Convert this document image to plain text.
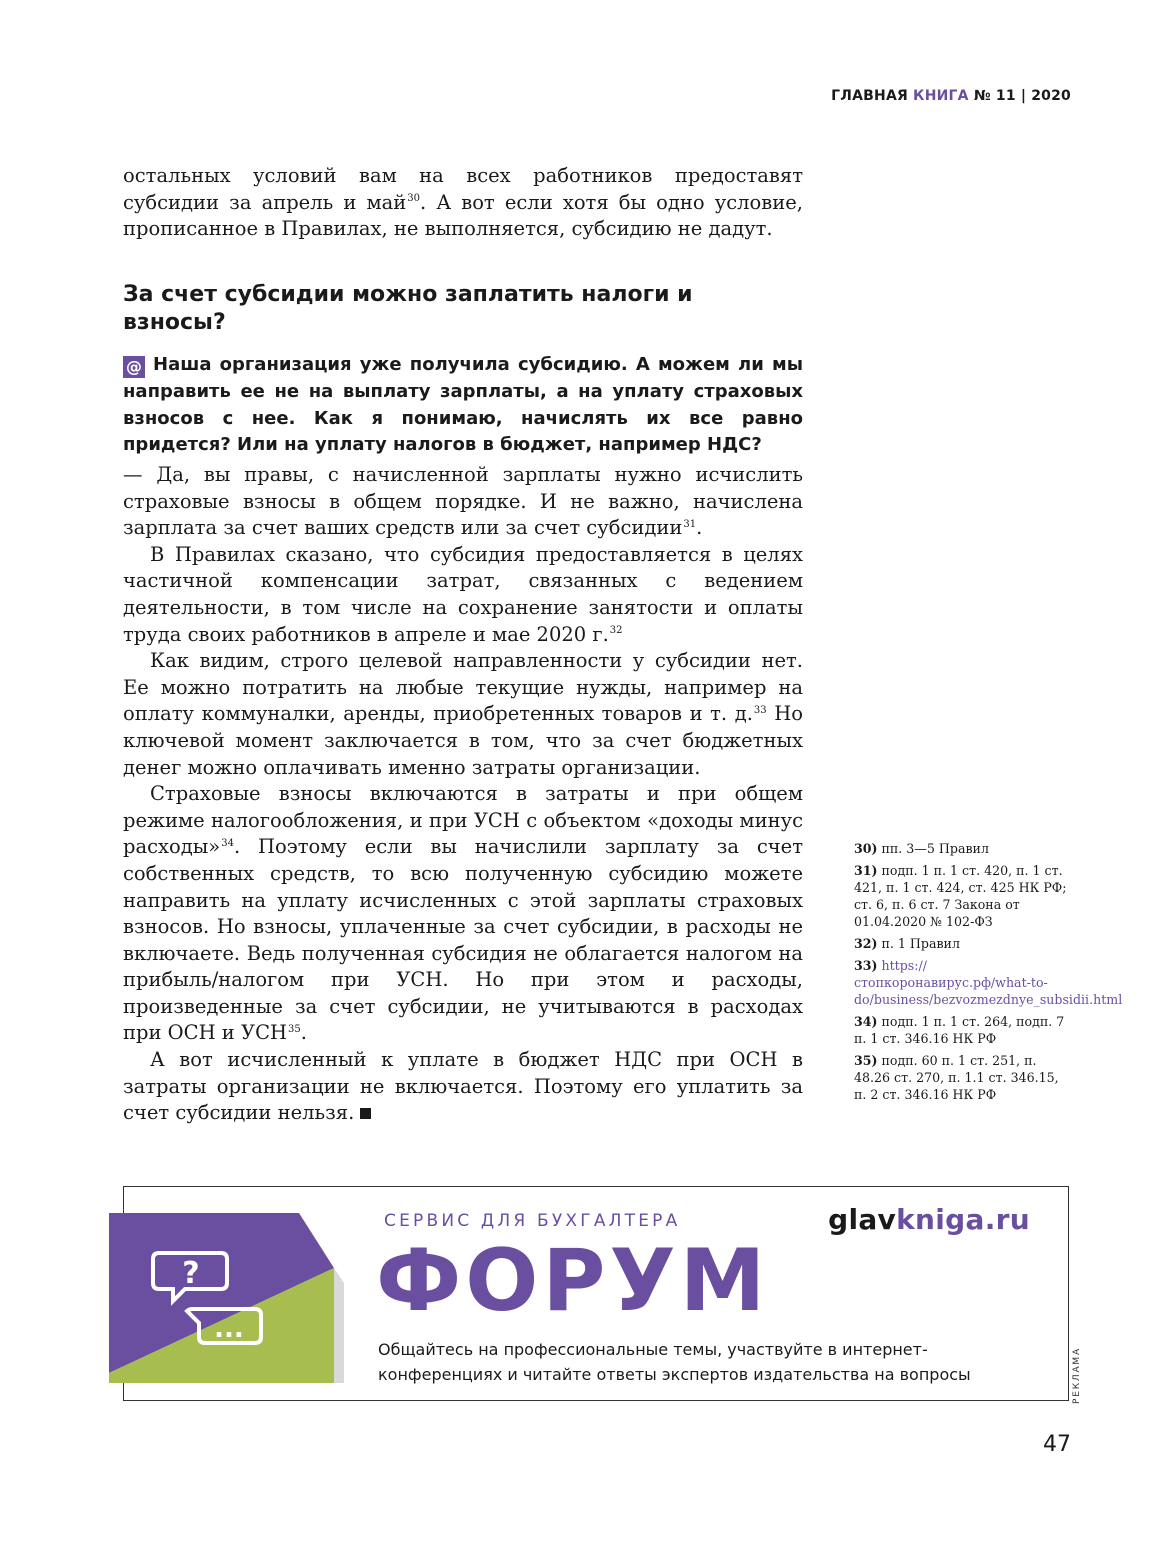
ГЛАВНАЯ КНИГА № 11 | 2020

остальных условий вам на всех работников предоставят субсидии за апрель и май$^{30}$. А вот если хотя бы одно условие, прописанное в Правилах, не выполняется, субсидию не дадут.

За счет субсидии можно заплатить налоги и взносы?
@ Наша организация уже получила субсидию. А можем ли мы направить ее не на выплату зарплаты, а на уплату страховых взносов с нее. Как я понимаю, начислять их все равно придется? Или на уплату налогов в бюджет, например НДС?

— Да, вы правы, с начисленной зарплаты нужно исчислить страховые взносы в общем порядке. И не важно, начислена зарплата за счет ваших средств или за счет субсидии$^{31}$.

В Правилах сказано, что субсидия предоставляется в целях частичной компенсации затрат, связанных с ведением деятельности, в том числе на сохранение занятости и оплаты труда своих работников в апреле и мае 2020 г.$^{32}$

Как видим, строго целевой направленности у субсидии нет. Ее можно потратить на любые текущие нужды, например на оплату коммуналки, аренды, приобретенных товаров и т. д.$^{33}$ Но ключевой момент заключается в том, что за счет бюджетных денег можно оплачивать именно затраты организации.

Страховые взносы включаются в затраты и при общем режиме налогообложения, и при УСН с объектом «доходы минус расходы»$^{34}$. Поэтому если вы начислили зарплату за счет собственных средств, то всю полученную субсидию можете направить на уплату исчисленных с этой зарплаты страховых взносов. Но взносы, уплаченные за счет субсидии, в расходы не включаете. Ведь полученная субсидия не облагается налогом на прибыль/налогом при УСН. Но при этом и расходы, произведенные за счет субсидии, не учитываются в расходах при ОСН и УСН$^{35}$.

А вот исчисленный к уплате в бюджет НДС при ОСН в затраты организации не включается. Поэтому его уплатить за счет субсидии нельзя.

30) пп. 3—5 Правил
31) подп. 1 п. 1 ст. 420, п. 1 ст. 421, п. 1 ст. 424, ст. 425 НК РФ; ст. 6, п. 6 ст. 7 Закона от 01.04.2020 № 102-ФЗ
32) п. 1 Правил
33) https://стопкоронавирус.рф/what-to-do/business/bezvozmezdnye_subsidii.html
34) подп. 1 п. 1 ст. 264, подп. 7 п. 1 ст. 346.16 НК РФ
35) подп. 60 п. 1 ст. 251, п. 48.26 ст. 270, п. 1.1 ст. 346.15, п. 2 ст. 346.16 НК РФ
?
...
СЕРВИС ДЛЯ БУХГАЛТЕРА	glavkniga.ru
ФОРУМ
Общайтесь на профессиональные темы, участвуйте в интернет-конференциях и читайте ответы экспертов издательства на вопросы	РЕКЛАМА
47
